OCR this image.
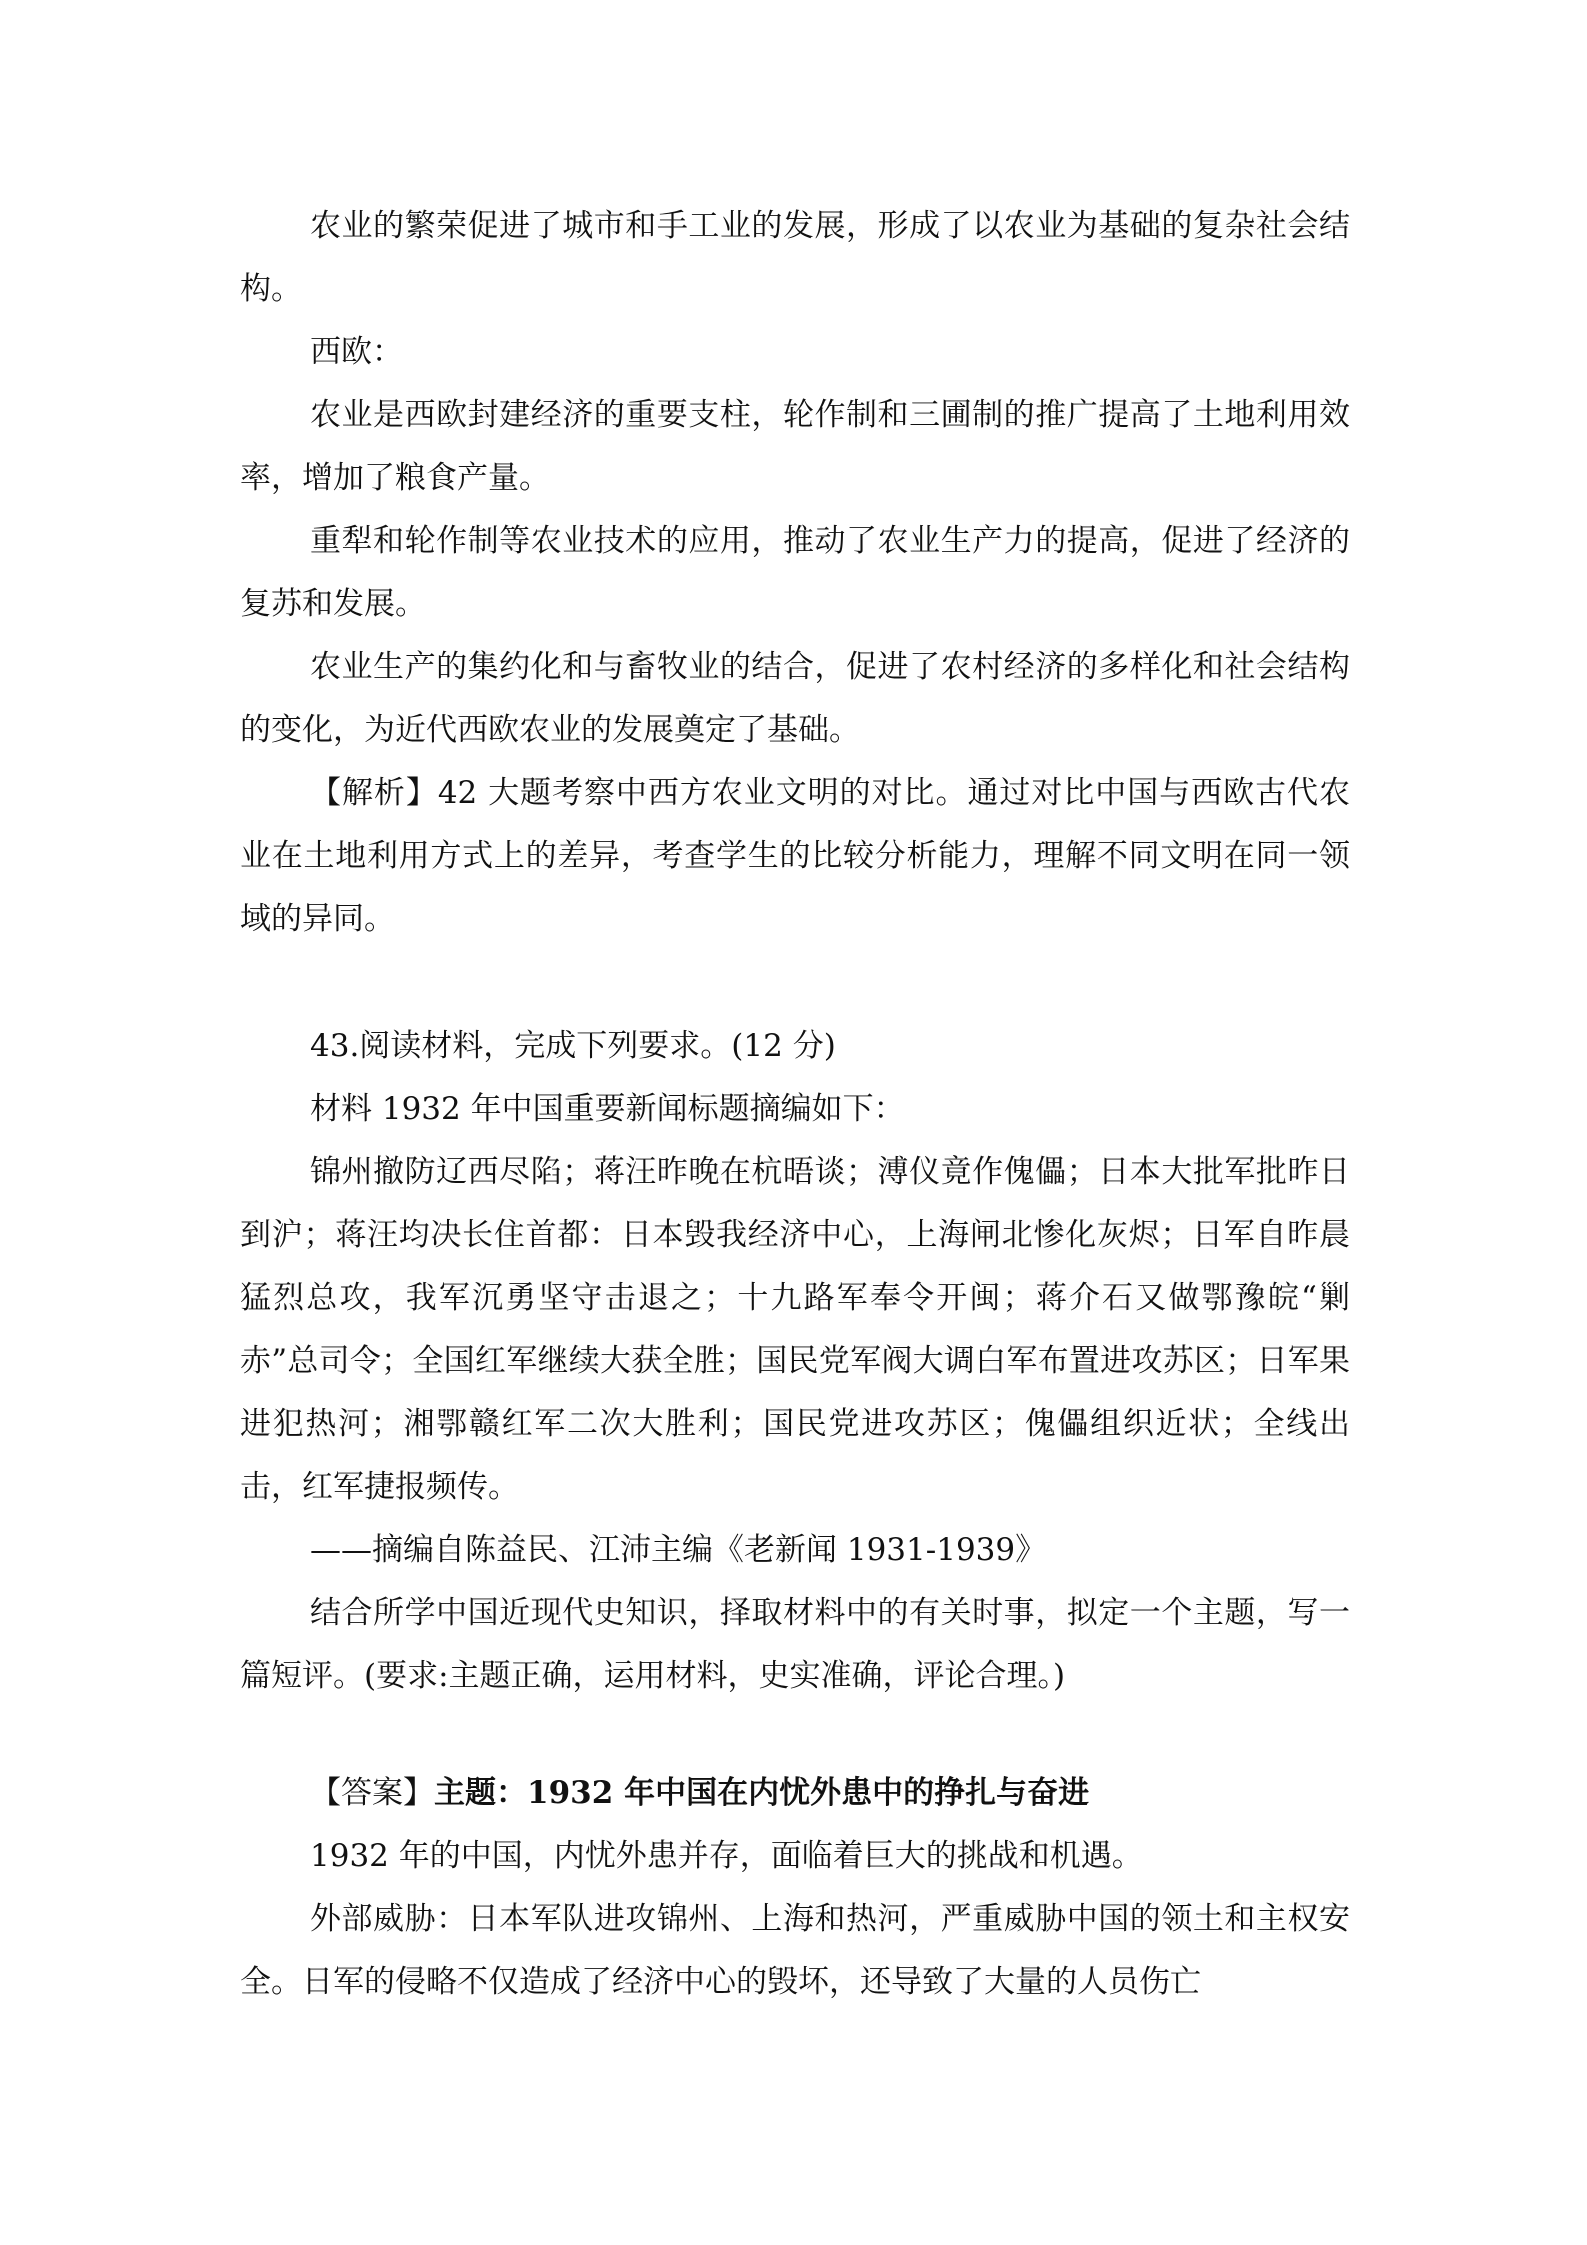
农业的繁荣促进了城市和手工业的发展，形成了以农业为基础的复杂社会结构。

西欧：

农业是西欧封建经济的重要支柱，轮作制和三圃制的推广提高了土地利用效率，增加了粮食产量。

重犁和轮作制等农业技术的应用，推动了农业生产力的提高，促进了经济的复苏和发展。

农业生产的集约化和与畜牧业的结合，促进了农村经济的多样化和社会结构的变化，为近代西欧农业的发展奠定了基础。

【解析】42 大题考察中西方农业文明的对比。通过对比中国与西欧古代农业在土地利用方式上的差异，考查学生的比较分析能力，理解不同文明在同一领域的异同。

43.阅读材料，完成下列要求。(12 分)

材料 1932 年中国重要新闻标题摘编如下：

锦州撤防辽西尽陷；蒋汪昨晚在杭晤谈；溥仪竟作傀儡；日本大批军批昨日到沪；蒋汪均决长住首都：日本毁我经济中心，上海闸北惨化灰烬；日军自昨晨猛烈总攻，我军沉勇坚守击退之；十九路军奉令开闽；蒋介石又做鄂豫皖“剿赤”总司令；全国红军继续大获全胜；国民党军阀大调白军布置进攻苏区；日军果进犯热河；湘鄂赣红军二次大胜利；国民党进攻苏区；傀儡组织近状；全线出击，红军捷报频传。

——摘编自陈益民、江沛主编《老新闻 1931-1939》

结合所学中国近现代史知识，择取材料中的有关时事，拟定一个主题，写一篇短评。(要求:主题正确，运用材料，史实准确，评论合理。)

【答案】主题：1932 年中国在内忧外患中的挣扎与奋进

1932 年的中国，内忧外患并存，面临着巨大的挑战和机遇。

外部威胁：日本军队进攻锦州、上海和热河，严重威胁中国的领土和主权安全。日军的侵略不仅造成了经济中心的毁坏，还导致了大量的人员伤亡
